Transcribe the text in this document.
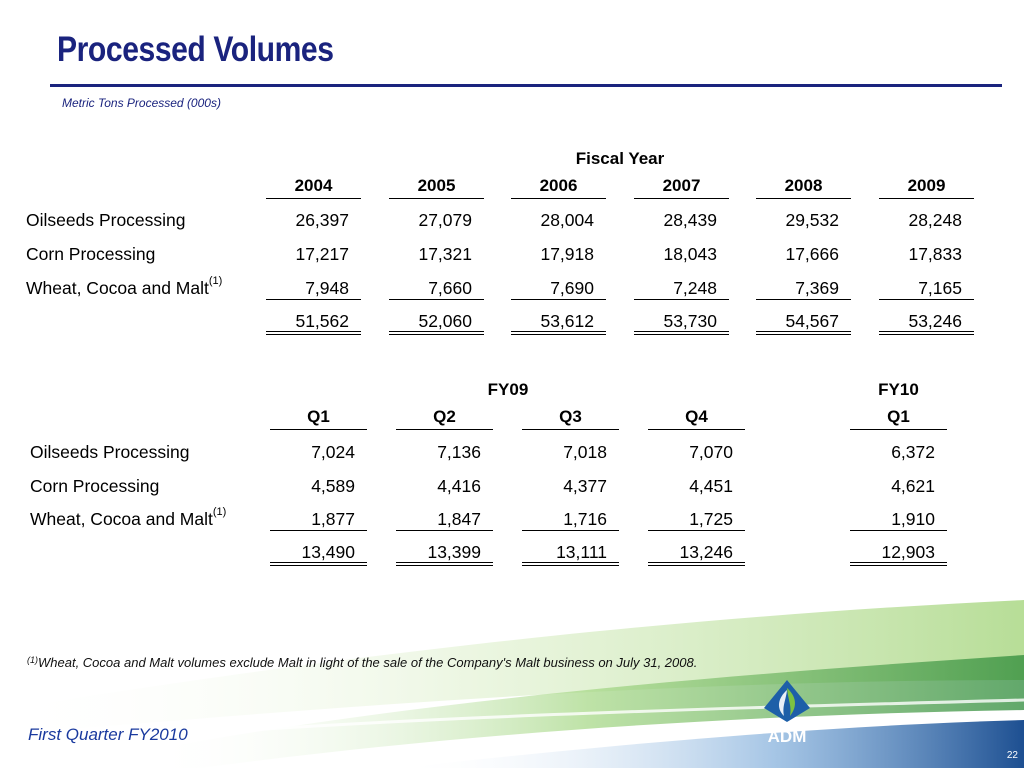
Processed Volumes
Metric Tons Processed (000s)
Fiscal Year
2004	2005	2006	2007	2008	2009
Oilseeds Processing	26,397	27,079	28,004	28,439	29,532	28,248
Corn Processing	17,217	17,321	17,918	18,043	17,666	17,833
Wheat, Cocoa and Malt$^{(1)}$	7,948	7,660	7,690	7,248	7,369	7,165
51,562	52,060	53,612	53,730	54,567	53,246
FY09	FY10
Q1	Q2	Q3	Q4	Q1
Oilseeds Processing	7,024	7,136	7,018	7,070	6,372
Corn Processing	4,589	4,416	4,377	4,451	4,621
Wheat, Cocoa and Malt$^{(1)}$	1,877	1,847	1,716	1,725	1,910
13,490	13,399	13,111	13,246	12,903
$^{(1)}$Wheat, Cocoa and Malt volumes exclude Malt in light of the sale of the Company's Malt business on July 31, 2008.
First Quarter FY2010	ADM
22
